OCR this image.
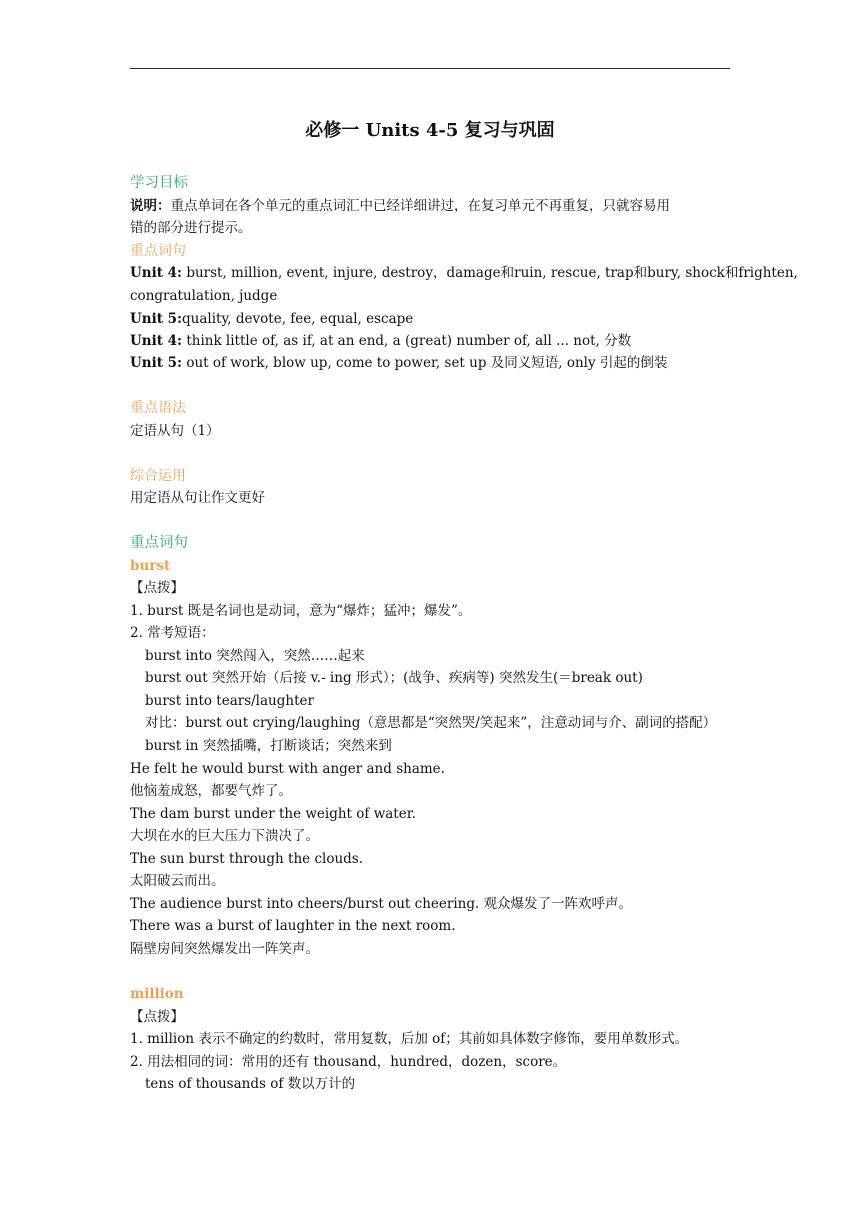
必修一 Units 4-5 复习与巩固
学习目标
说明：重点单词在各个单元的重点词汇中已经详细讲过，在复习单元不再重复，只就容易用
错的部分进行提示。
重点词句
Unit 4: burst, million, event, injure, destroy，damage和ruin, rescue, trap和bury, shock和frighten,
congratulation, judge
Unit 5:quality, devote, fee, equal, escape
Unit 4: think little of, as if, at an end, a (great) number of, all ... not, 分数
Unit 5: out of work, blow up, come to power, set up 及同义短语, only 引起的倒装
重点语法
定语从句（1）
综合运用
用定语从句让作文更好
重点词句
burst
【点拨】
1. burst 既是名词也是动词，意为“爆炸；猛冲；爆发”。
2. 常考短语：
burst into 突然闯入，突然……起来
burst out 突然开始（后接 v.- ing 形式）；(战争、疾病等) 突然发生(＝break out)
burst into tears/laughter
对比：burst out crying/laughing（意思都是“突然哭/笑起来”，注意动词与介、副词的搭配）
burst in 突然插嘴，打断谈话；突然来到
He felt he would burst with anger and shame.
他恼羞成怒，都要气炸了。
The dam burst under the weight of water.
大坝在水的巨大压力下溃决了。
The sun burst through the clouds.
太阳破云而出。
The audience burst into cheers/burst out cheering. 观众爆发了一阵欢呼声。
There was a burst of laughter in the next room.
隔壁房间突然爆发出一阵笑声。
million
【点拨】
1. million 表示不确定的约数时，常用复数，后加 of；其前如具体数字修饰，要用单数形式。
2. 用法相同的词：常用的还有 thousand，hundred，dozen，score。
tens of thousands of 数以万计的
